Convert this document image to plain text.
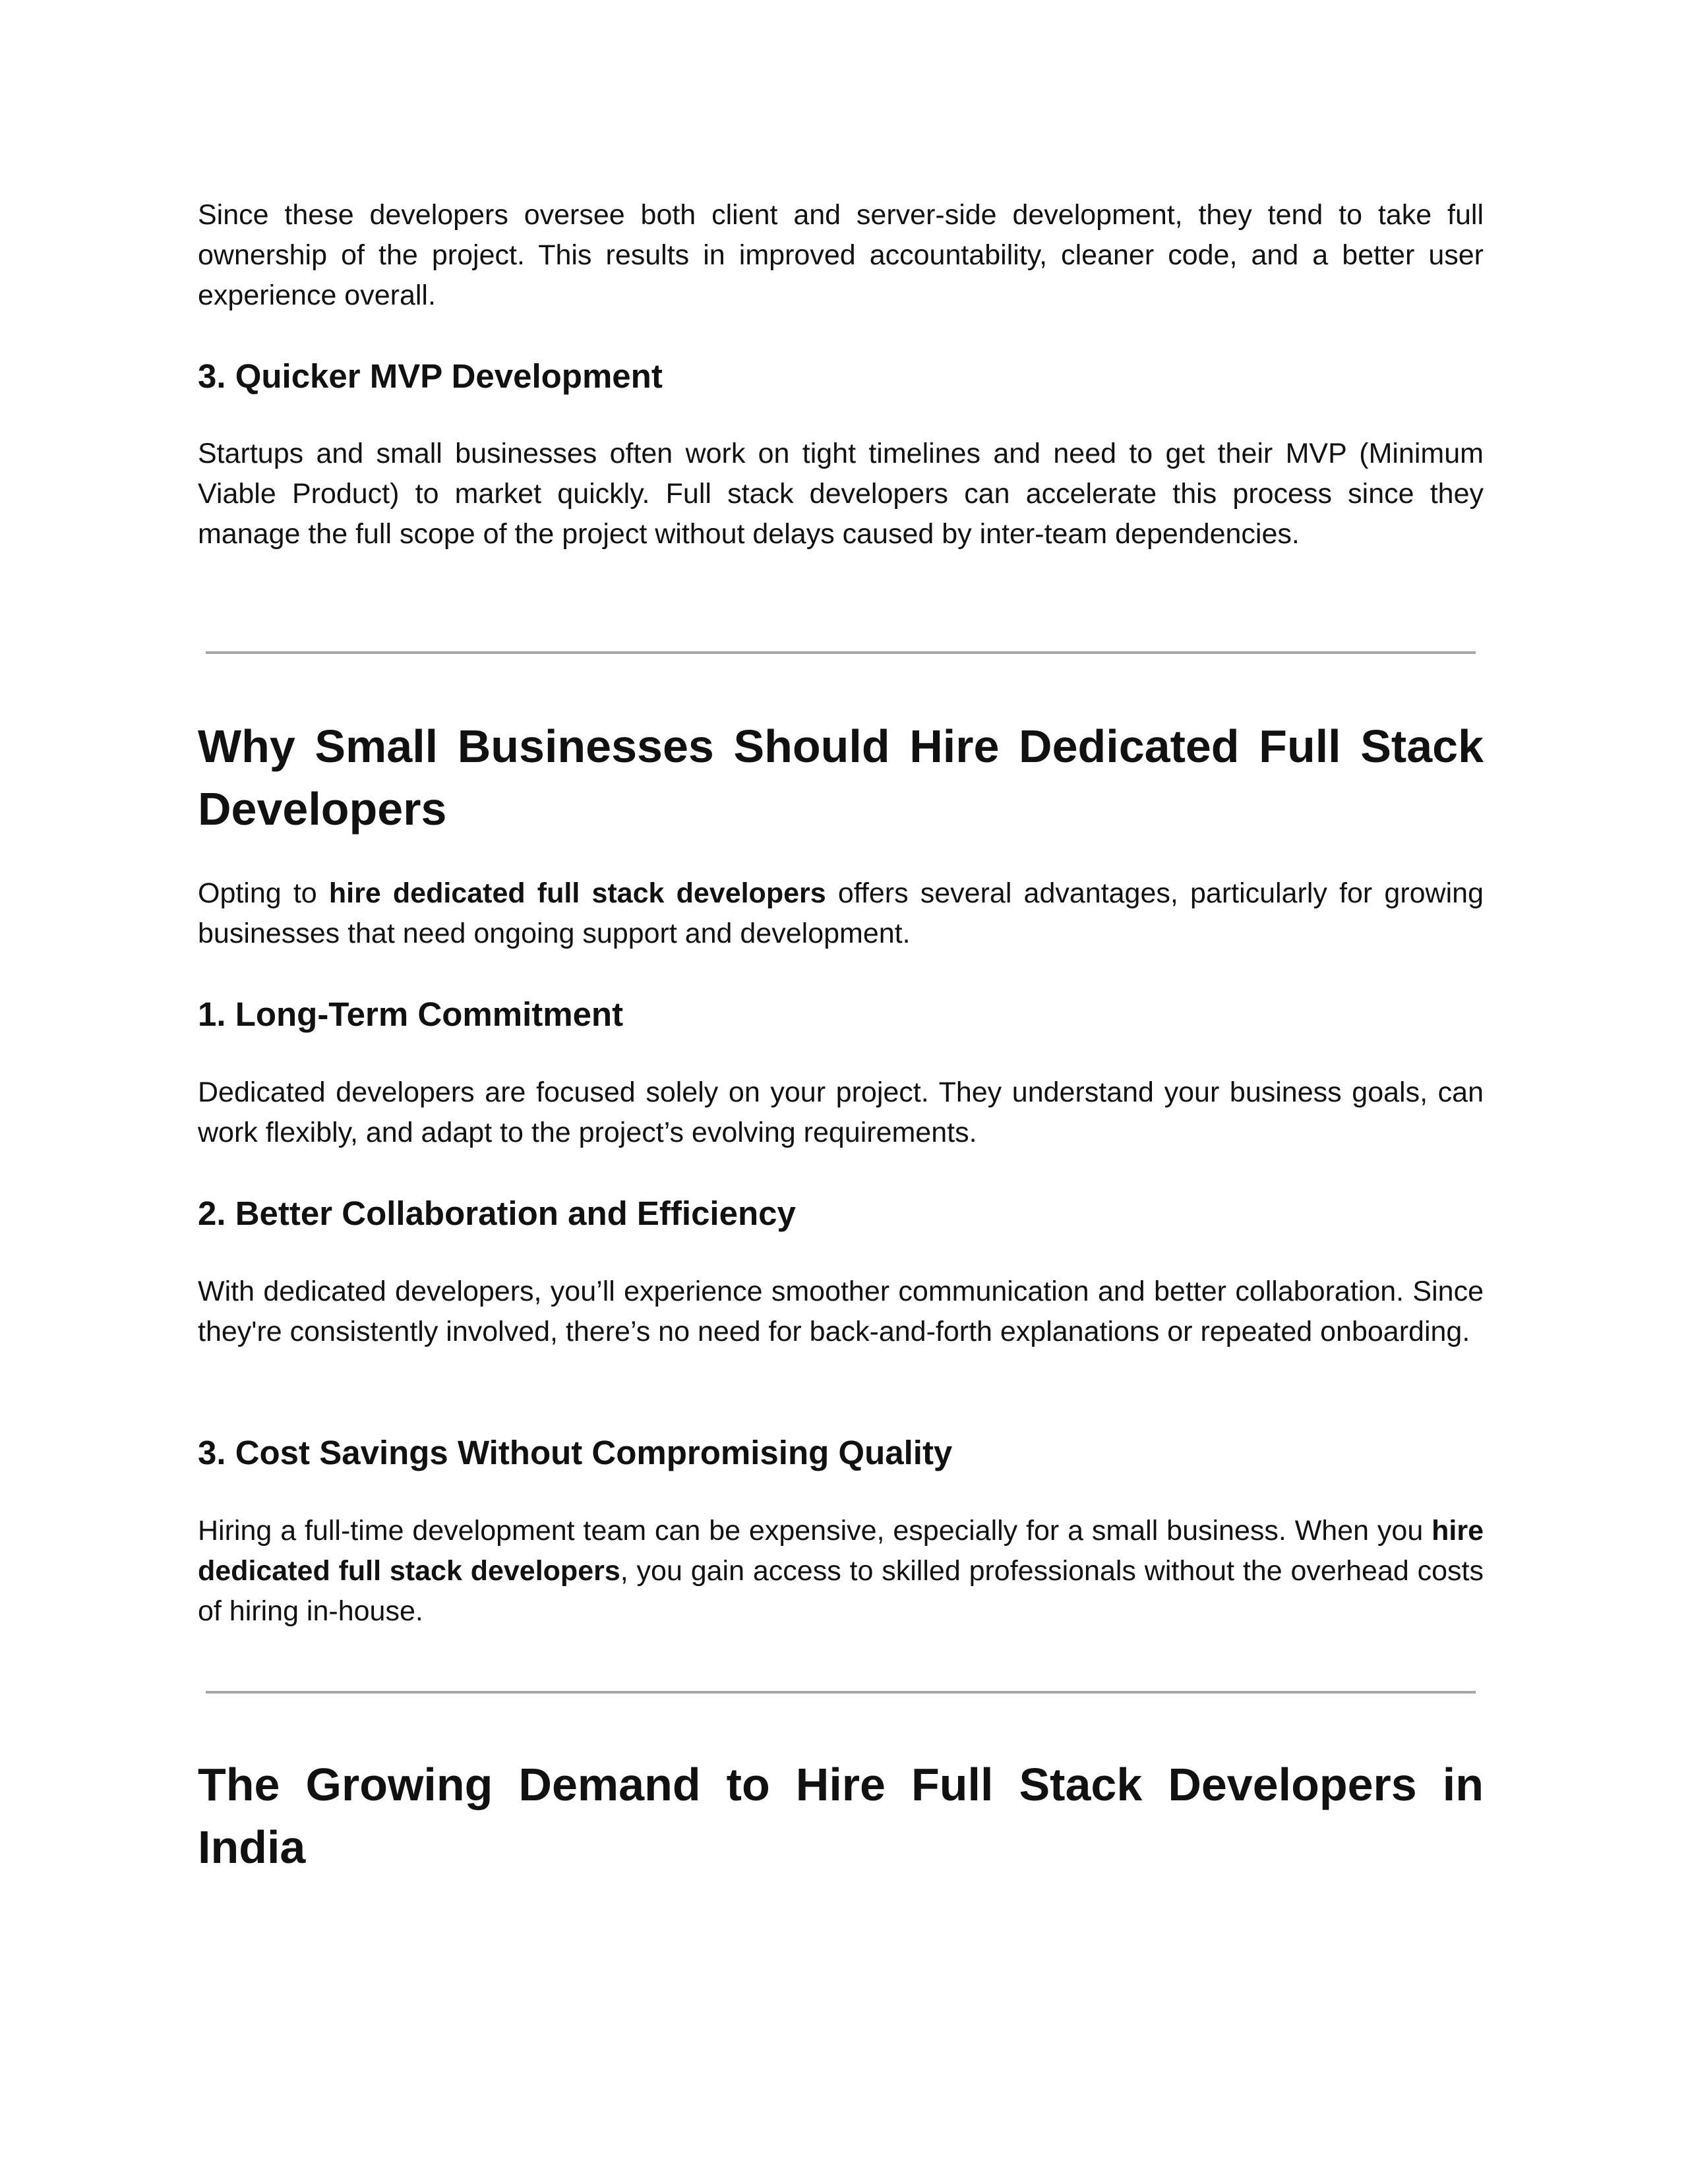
Since these developers oversee both client and server-side development, they tend to take full ownership of the project. This results in improved accountability, cleaner code, and a better user experience overall.

3. Quicker MVP Development

Startups and small businesses often work on tight timelines and need to get their MVP (Minimum Viable Product) to market quickly. Full stack developers can accelerate this process since they manage the full scope of the project without delays caused by inter-team dependencies.

Why Small Businesses Should Hire Dedicated Full Stack Developers

Opting to hire dedicated full stack developers offers several advantages, particularly for growing businesses that need ongoing support and development.

1. Long-Term Commitment

Dedicated developers are focused solely on your project. They understand your business goals, can work flexibly, and adapt to the project’s evolving requirements.

2. Better Collaboration and Efficiency

With dedicated developers, you’ll experience smoother communication and better collaboration. Since they're consistently involved, there’s no need for back-and-forth explanations or repeated onboarding.

3. Cost Savings Without Compromising Quality

Hiring a full-time development team can be expensive, especially for a small business. When you hire dedicated full stack developers, you gain access to skilled professionals without the overhead costs of hiring in-house.

The Growing Demand to Hire Full Stack Developers in India
